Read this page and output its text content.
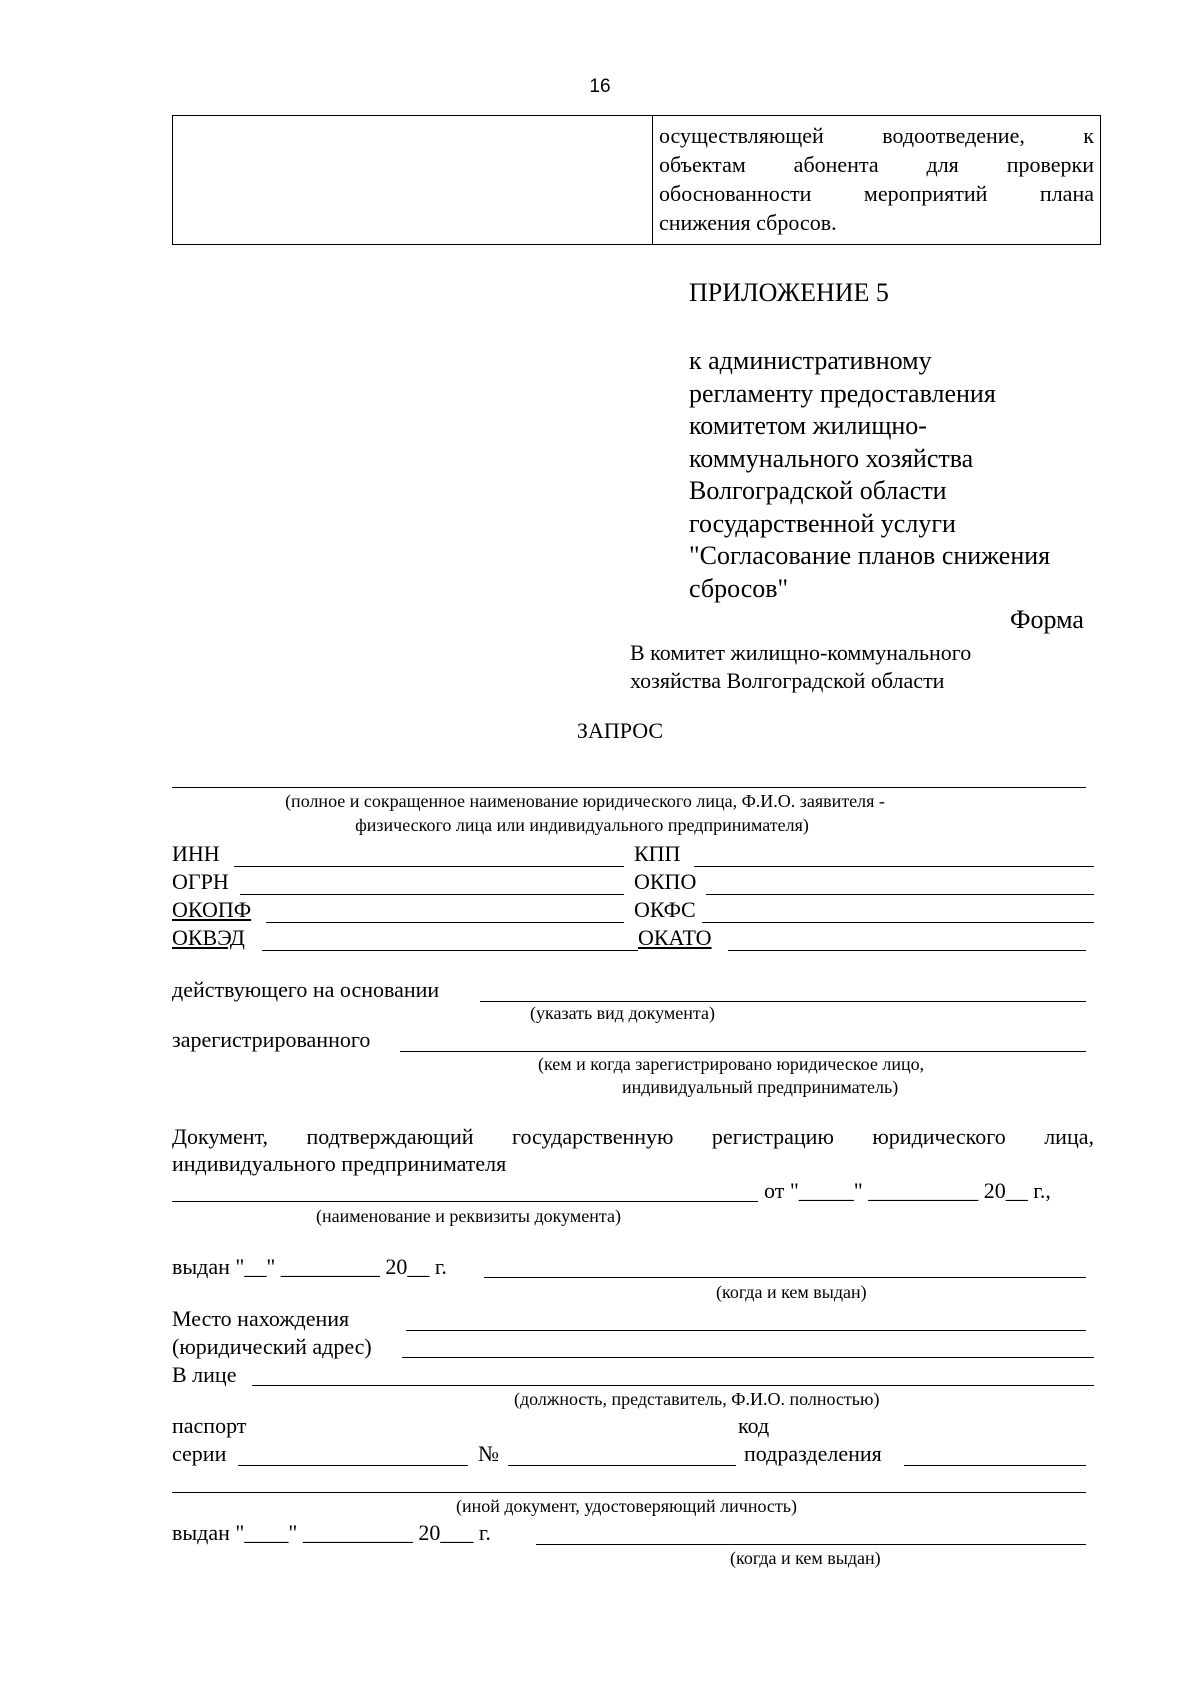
16
осуществляющей водоотведение, к
объектам абонента для проверки
обоснованности мероприятий плана
снижения сбросов.
ПРИЛОЖЕНИЕ 5
к административному
регламенту предоставления
комитетом жилищно-
коммунального хозяйства
Волгоградской области
государственной услуги
"Согласование планов снижения
сбросов"
Форма
В комитет жилищно-коммунального
хозяйства Волгоградской области
ЗАПРОС
(полное и сокращенное наименование юридического лица, Ф.И.О. заявителя -
физического лица или индивидуального предпринимателя)
ИНН	КПП
ОГРН	ОКПО
ОКОПФ	ОКФС
ОКВЭД	ОКАТО
действующего на основании
(указать вид документа)
зарегистрированного
(кем и когда зарегистрировано юридическое лицо,
индивидуальный предприниматель)
Документ, подтверждающий государственную регистрацию юридического лица,
индивидуального предпринимателя
от "_____" __________ 20__ г.,
(наименование и реквизиты документа)
выдан "__" _________ 20__ г.
(когда и кем выдан)
Место нахождения
(юридический адрес)
В лице
(должность, представитель, Ф.И.О. полностью)
паспорт	код
серии	№	подразделения
(иной документ, удостоверяющий личность)
выдан "____" __________ 20___ г.
(когда и кем выдан)
